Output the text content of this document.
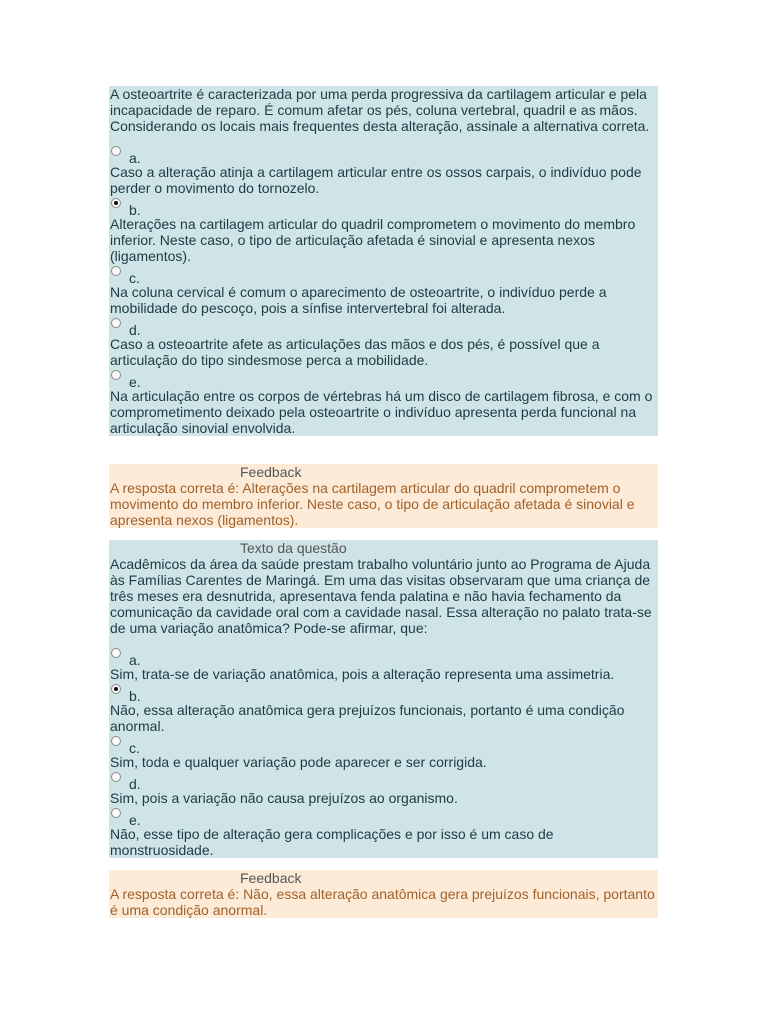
A osteoartrite é caracterizada por uma perda progressiva da cartilagem articular e pela incapacidade de reparo. É comum afetar os pés, coluna vertebral, quadril e as mãos. Considerando os locais mais frequentes desta alteração, assinale a alternativa correta.
a.
Caso a alteração atinja a cartilagem articular entre os ossos carpais, o indivíduo pode perder o movimento do tornozelo.
b.
Alterações na cartilagem articular do quadril comprometem o movimento do membro inferior. Neste caso, o tipo de articulação afetada é sinovial e apresenta nexos (ligamentos).
c.
Na coluna cervical é comum o aparecimento de osteoartrite, o indivíduo perde a mobilidade do pescoço, pois a sínfise intervertebral foi alterada.
d.
Caso a osteoartrite afete as articulações das mãos e dos pés, é possível que a articulação do tipo sindesmose perca a mobilidade.
e.
Na articulação entre os corpos de vértebras há um disco de cartilagem fibrosa, e com o comprometimento deixado pela osteoartrite o indivíduo apresenta perda funcional na articulação sinovial envolvida.
Feedback
A resposta correta é: Alterações na cartilagem articular do quadril comprometem o movimento do membro inferior. Neste caso, o tipo de articulação afetada é sinovial e apresenta nexos (ligamentos).
Texto da questão
Acadêmicos da área da saúde prestam trabalho voluntário junto ao Programa de Ajuda às Famílias Carentes de Maringá. Em uma das visitas observaram que uma criança de três meses era desnutrida, apresentava fenda palatina e não havia fechamento da comunicação da cavidade oral com a cavidade nasal. Essa alteração no palato trata-se de uma variação anatômica? Pode-se afirmar, que:
a.
Sim, trata-se de variação anatômica, pois a alteração representa uma assimetria.
b.
Não, essa alteração anatômica gera prejuízos funcionais, portanto é uma condição anormal.
c.
Sim, toda e qualquer variação pode aparecer e ser corrigida.
d.
Sim, pois a variação não causa prejuízos ao organismo.
e.
Não, esse tipo de alteração gera complicações e por isso é um caso de monstruosidade.
Feedback
A resposta correta é: Não, essa alteração anatômica gera prejuízos funcionais, portanto é uma condição anormal.
